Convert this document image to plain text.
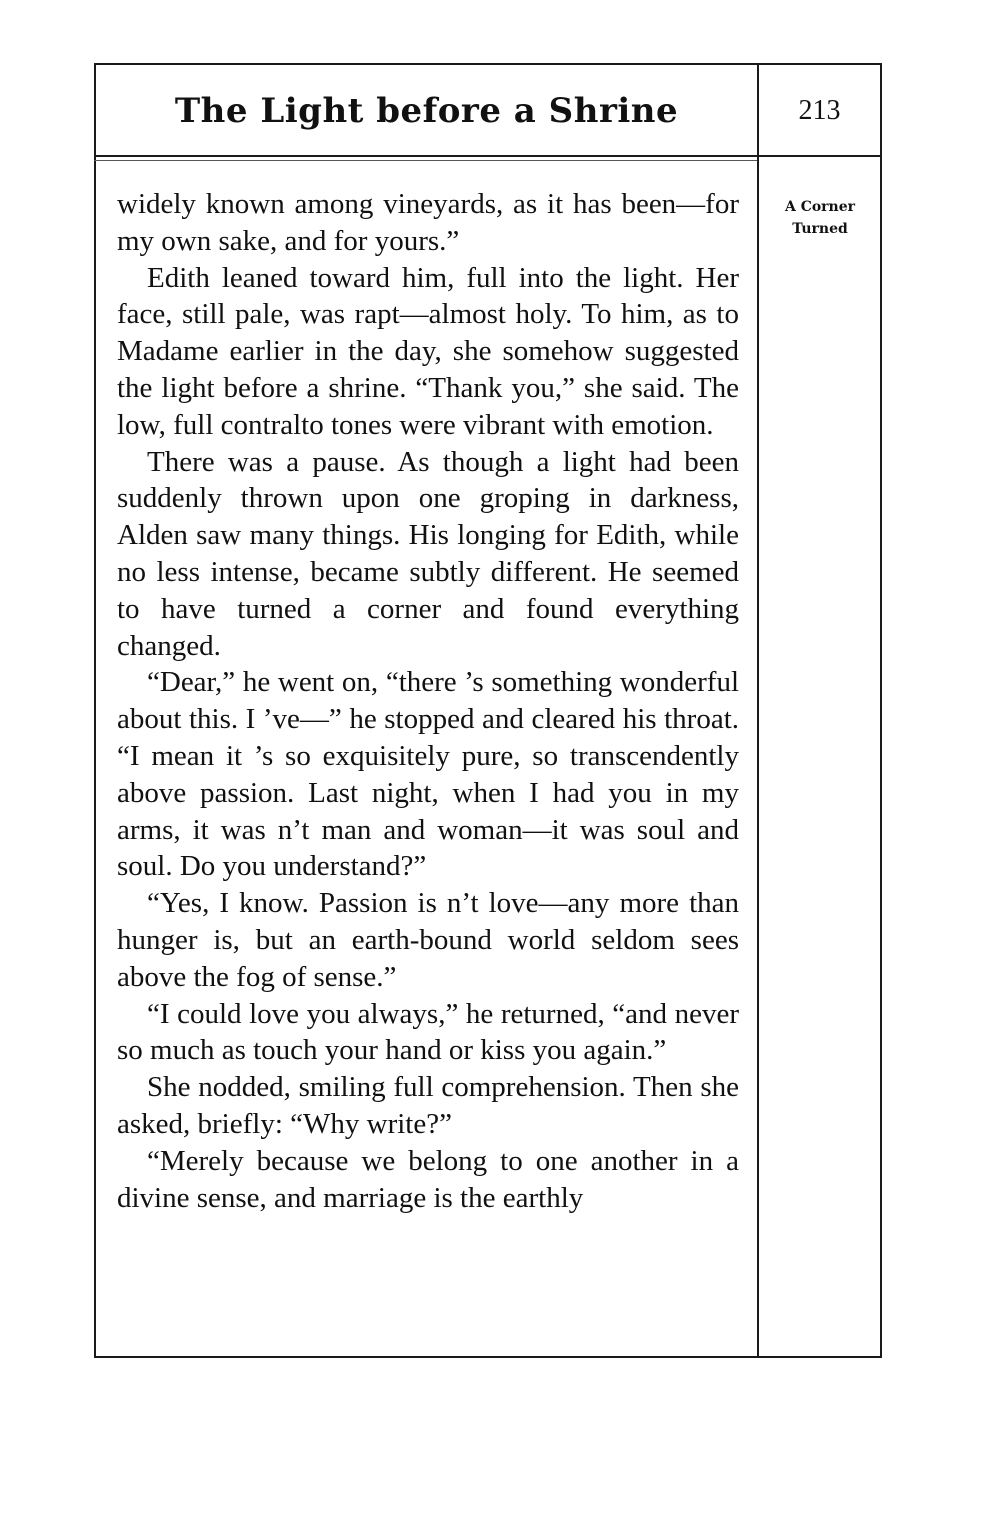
The Light before a Shrine	213
A Corner
Turned

widely known among vineyards, as it has been—for my own sake, and for yours.”

Edith leaned toward him, full into the light. Her face, still pale, was rapt—almost holy. To him, as to Madame earlier in the day, she somehow suggested the light before a shrine. “Thank you,” she said. The low, full contralto tones were vibrant with emotion.

There was a pause. As though a light had been suddenly thrown upon one groping in darkness, Alden saw many things. His longing for Edith, while no less intense, became subtly different. He seemed to have turned a corner and found everything changed.

“Dear,” he went on, “there ’s something wonderful about this. I ’ve—” he stopped and cleared his throat. “I mean it ’s so exquisitely pure, so transcendently above passion. Last night, when I had you in my arms, it was n’t man and woman—it was soul and soul. Do you understand?”

“Yes, I know. Passion is n’t love—any more than hunger is, but an earth-bound world seldom sees above the fog of sense.”

“I could love you always,” he returned, “and never so much as touch your hand or kiss you again.”

She nodded, smiling full comprehension. Then she asked, briefly: “Why write?”

“Merely because we belong to one another in a divine sense, and marriage is the earthly
